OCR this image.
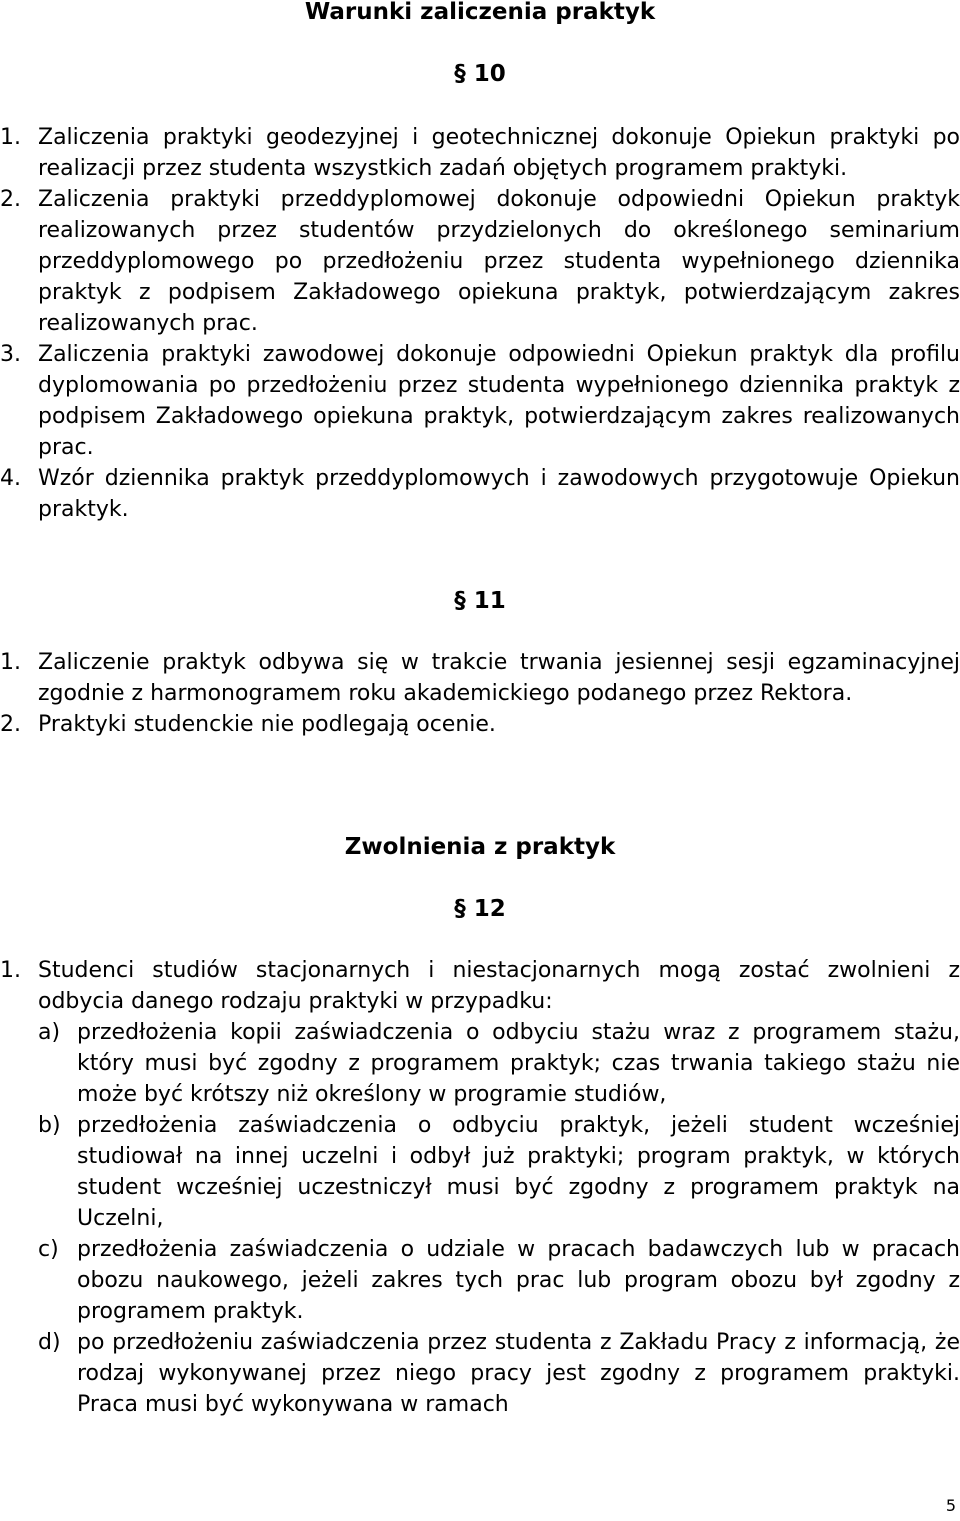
Warunki zaliczenia praktyk
§ 10
1. Zaliczenia praktyki geodezyjnej i geotechnicznej dokonuje Opiekun praktyki po realizacji przez studenta wszystkich zadań objętych programem praktyki.
2. Zaliczenia praktyki przeddyplomowej dokonuje odpowiedni Opiekun praktyk realizowanych przez studentów przydzielonych do określonego seminarium przeddyplomowego po przedłożeniu przez studenta wypełnionego dziennika praktyk z podpisem Zakładowego opiekuna praktyk, potwierdzającym zakres realizowanych prac.
3. Zaliczenia praktyki zawodowej dokonuje odpowiedni Opiekun praktyk dla profilu dyplomowania po przedłożeniu przez studenta wypełnionego dziennika praktyk z podpisem Zakładowego opiekuna praktyk, potwierdzającym zakres realizowanych prac.
4. Wzór dziennika praktyk przeddyplomowych i zawodowych przygotowuje Opiekun praktyk.
§ 11
1. Zaliczenie praktyk odbywa się w trakcie trwania jesiennej sesji egzaminacyjnej zgodnie z harmonogramem roku akademickiego podanego przez Rektora.
2. Praktyki studenckie nie podlegają ocenie.
Zwolnienia z praktyk
§ 12
1. Studenci studiów stacjonarnych i niestacjonarnych mogą zostać zwolnieni z odbycia danego rodzaju praktyki w przypadku:
a) przedłożenia kopii zaświadczenia o odbyciu stażu wraz z programem stażu, który musi być zgodny z programem praktyk; czas trwania takiego stażu nie może być krótszy niż określony w programie studiów,
b) przedłożenia zaświadczenia o odbyciu praktyk, jeżeli student wcześniej studiował na innej uczelni i odbył już praktyki; program praktyk, w których student wcześniej uczestniczył musi być zgodny z programem praktyk na Uczelni,
c) przedłożenia zaświadczenia o udziale w pracach badawczych lub w pracach obozu naukowego, jeżeli zakres tych prac lub program obozu był zgodny z programem praktyk.
d) po przedłożeniu zaświadczenia przez studenta z Zakładu Pracy z informacją, że rodzaj wykonywanej przez niego pracy jest zgodny z programem praktyki. Praca musi być wykonywana w ramach
5
